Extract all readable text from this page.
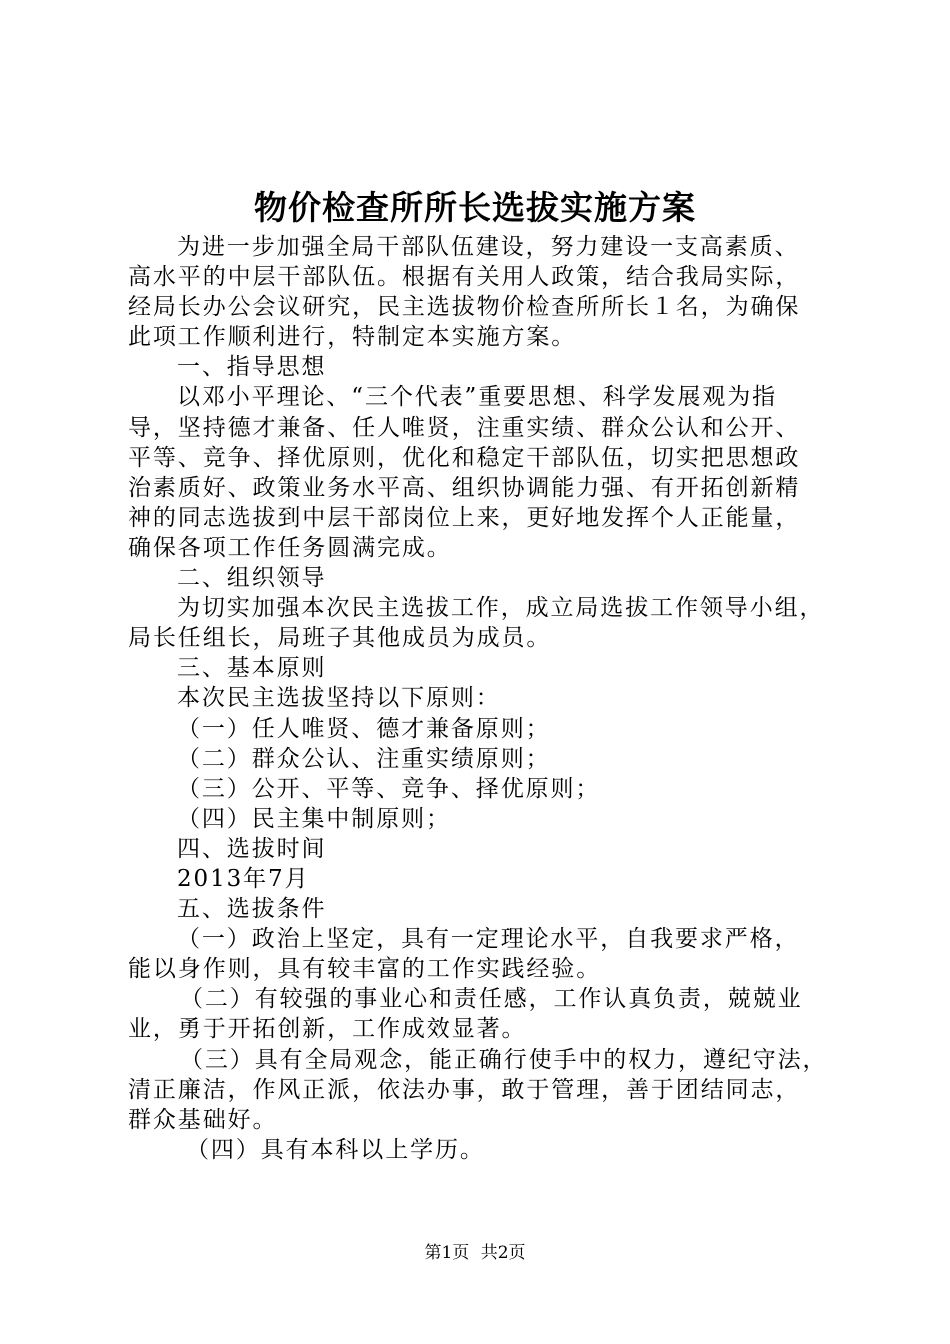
物价检查所所长选拔实施方案
为进一步加强全局干部队伍建设，努力建设一支高素质、
高水平的中层干部队伍。根据有关用人政策，结合我局实际，
经局长办公会议研究，民主选拔物价检查所所长１名，为确保
此项工作顺利进行，特制定本实施方案。
一、指导思想
以邓小平理论、“三个代表”重要思想、科学发展观为指
导，坚持德才兼备、任人唯贤，注重实绩、群众公认和公开、
平等、竞争、择优原则，优化和稳定干部队伍，切实把思想政
治素质好、政策业务水平高、组织协调能力强、有开拓创新精
神的同志选拔到中层干部岗位上来，更好地发挥个人正能量，
确保各项工作任务圆满完成。
二、组织领导
为切实加强本次民主选拔工作，成立局选拔工作领导小组，
局长任组长，局班子其他成员为成员。
三、基本原则
本次民主选拔坚持以下原则：
（一）任人唯贤、德才兼备原则；
（二）群众公认、注重实绩原则；
（三）公开、平等、竞争、择优原则；
（四）民主集中制原则；
四、选拔时间
2013年7月
五、选拔条件
（一）政治上坚定，具有一定理论水平，自我要求严格，
能以身作则，具有较丰富的工作实践经验。
（二）有较强的事业心和责任感，工作认真负责，兢兢业
业，勇于开拓创新，工作成效显著。
（三）具有全局观念，能正确行使手中的权力，遵纪守法，
清正廉洁，作风正派，依法办事，敢于管理，善于团结同志，
群众基础好。
（四）具有本科以上学历。
第1页 共2页
